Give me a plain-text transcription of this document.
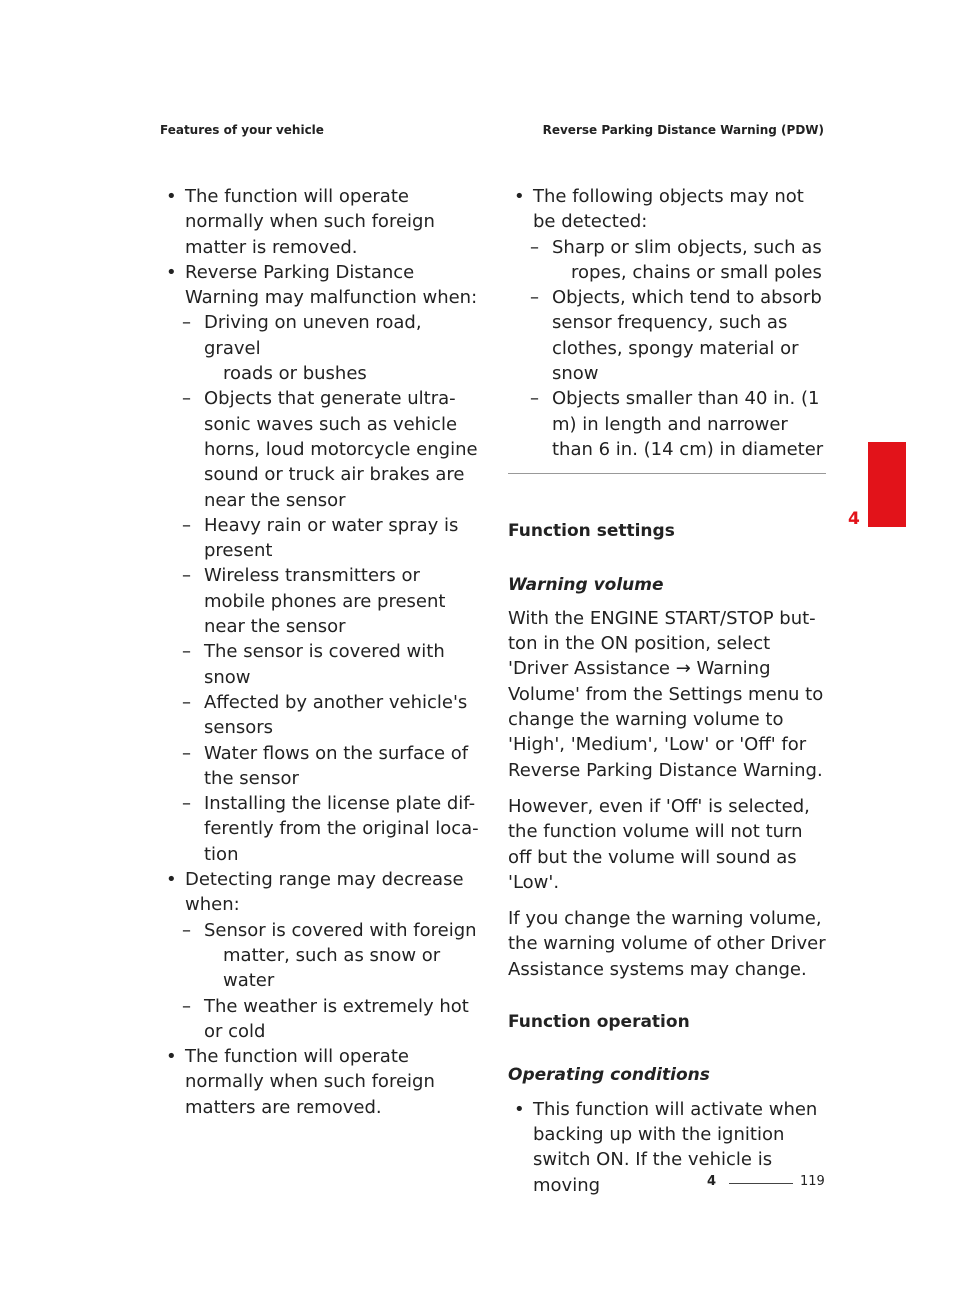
Features of your vehicle	Reverse Parking Distance Warning (PDW)
• The function will operate normally when such foreign matter is removed.
• Reverse Parking Distance Warning may malfunction when:
– Driving on uneven road, gravel
roads or bushes
– Objects that generate ultra-sonic waves such as vehicle horns, loud motorcycle engine sound or truck air brakes are near the sensor
– Heavy rain or water spray is present
– Wireless transmitters or mobile phones are present near the sensor
– The sensor is covered with snow
– Affected by another vehicle's sensors
– Water flows on the surface of the sensor
– Installing the license plate dif-ferently from the original loca-tion
• Detecting range may decrease when:
– Sensor is covered with foreign
matter, such as snow or water
– The weather is extremely hot or cold
• The function will operate normally when such foreign matters are removed.
• The following objects may not be detected:
– Sharp or slim objects, such as
ropes, chains or small poles
– Objects, which tend to absorb sensor frequency, such as clothes, spongy material or snow
– Objects smaller than 40 in. (1 m) in length and narrower than 6 in. (14 cm) in diameter
Function settings
Warning volume
With the ENGINE START/STOP but-ton in the ON position, select 'Driver Assistance → Warning Volume' from the Settings menu to change the warning volume to 'High', 'Medium', 'Low' or 'Off' for Reverse Parking Distance Warning.
However, even if 'Off' is selected, the function volume will not turn off but the volume will sound as 'Low'.
If you change the warning volume, the warning volume of other Driver Assistance systems may change.
Function operation
Operating conditions
• This function will activate when backing up with the ignition switch ON. If the vehicle is moving
4
4	119
